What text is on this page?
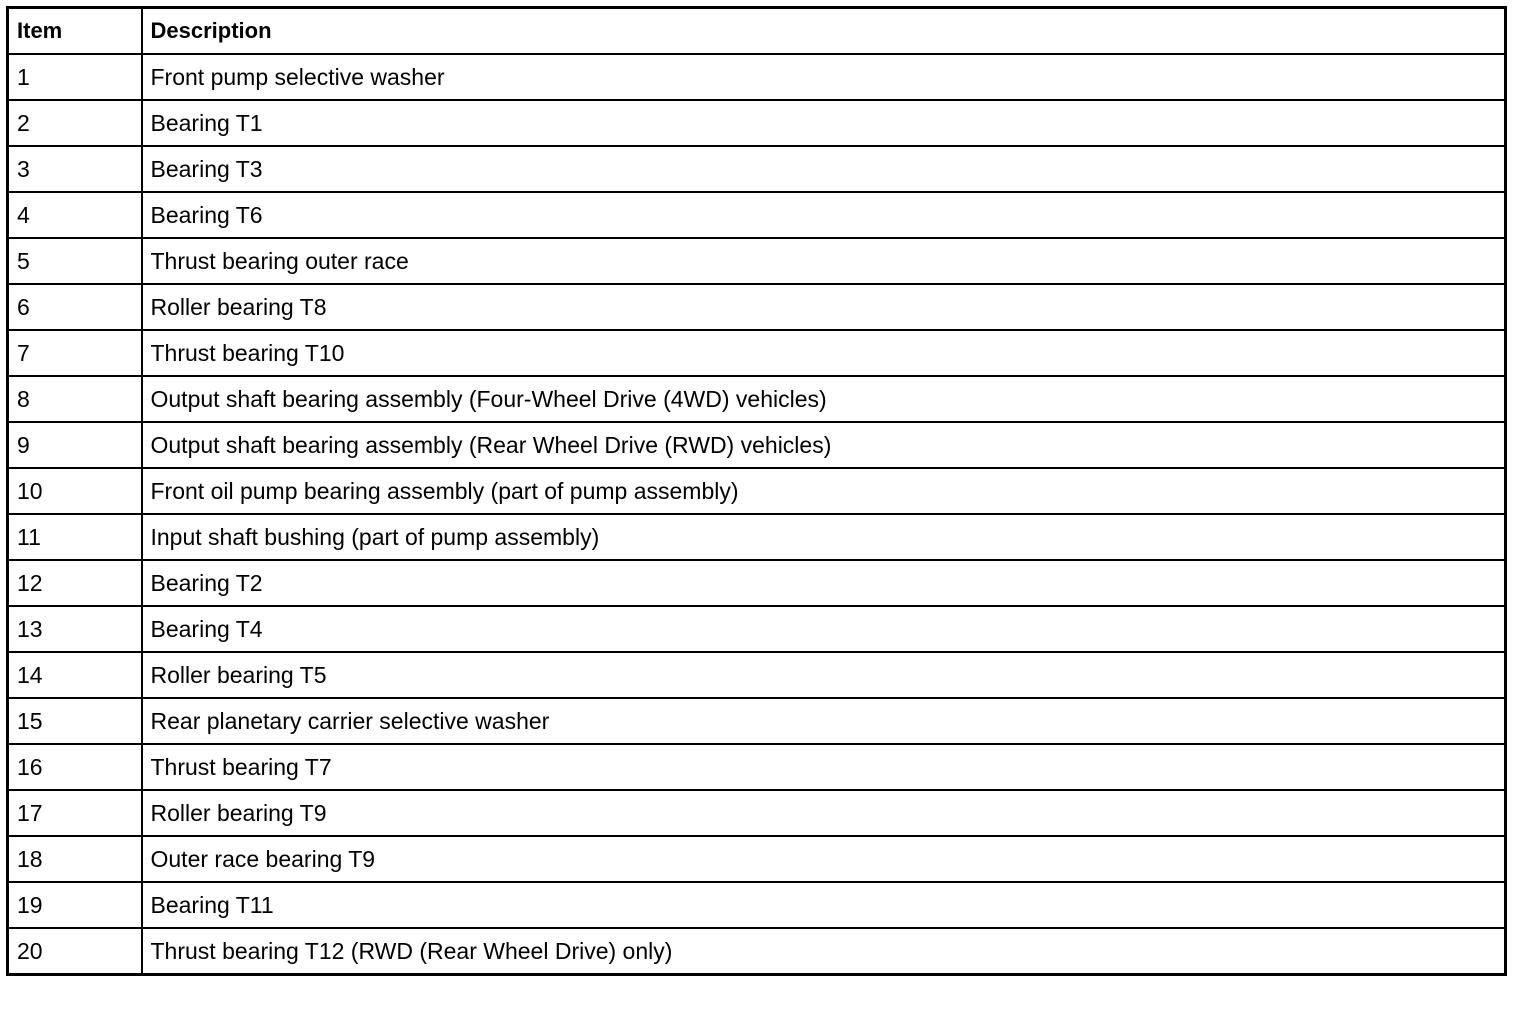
Item	Description
1	Front pump selective washer
2	Bearing T1
3	Bearing T3
4	Bearing T6
5	Thrust bearing outer race
6	Roller bearing T8
7	Thrust bearing T10
8	Output shaft bearing assembly (Four-Wheel Drive (4WD) vehicles)
9	Output shaft bearing assembly (Rear Wheel Drive (RWD) vehicles)
10	Front oil pump bearing assembly (part of pump assembly)
11	Input shaft bushing (part of pump assembly)
12	Bearing T2
13	Bearing T4
14	Roller bearing T5
15	Rear planetary carrier selective washer
16	Thrust bearing T7
17	Roller bearing T9
18	Outer race bearing T9
19	Bearing T11
20	Thrust bearing T12 (RWD (Rear Wheel Drive) only)
